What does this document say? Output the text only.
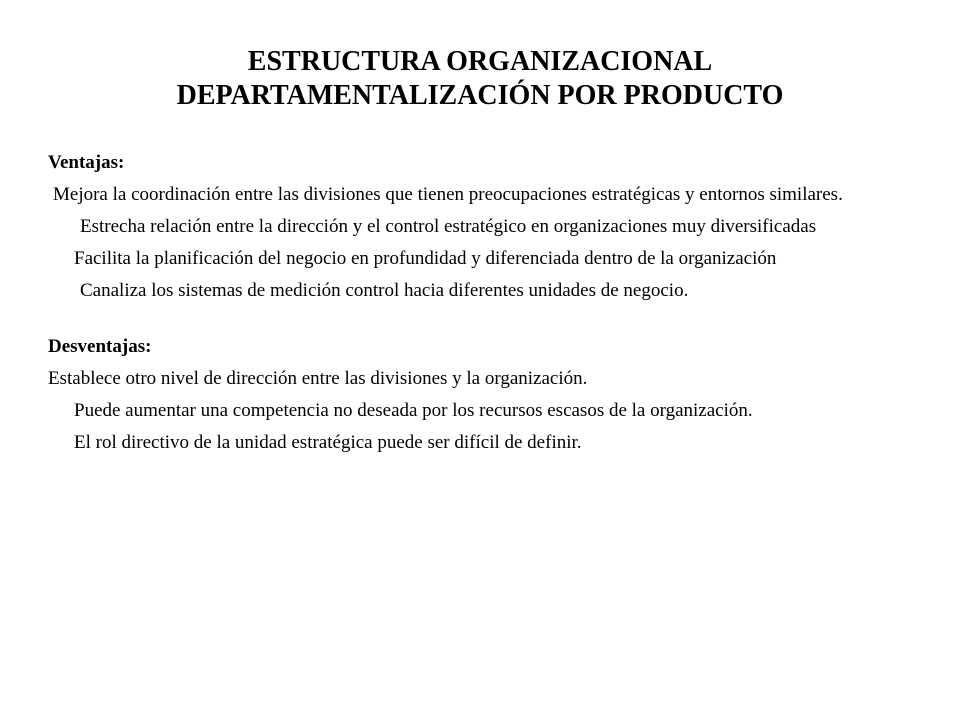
ESTRUCTURA ORGANIZACIONAL
DEPARTAMENTALIZACIÓN POR PRODUCTO
Ventajas:
Mejora la coordinación entre las divisiones que tienen preocupaciones estratégicas y entornos similares.
Estrecha relación entre la dirección y el control estratégico en organizaciones muy diversificadas
Facilita la planificación del negocio en profundidad y diferenciada dentro de la organización
Canaliza los sistemas de medición control hacia diferentes unidades de negocio.
Desventajas:
Establece otro nivel de dirección entre las divisiones y la organización.
Puede aumentar una competencia no deseada por los recursos escasos de la organización.
El rol directivo de la unidad estratégica puede ser difícil de definir.
